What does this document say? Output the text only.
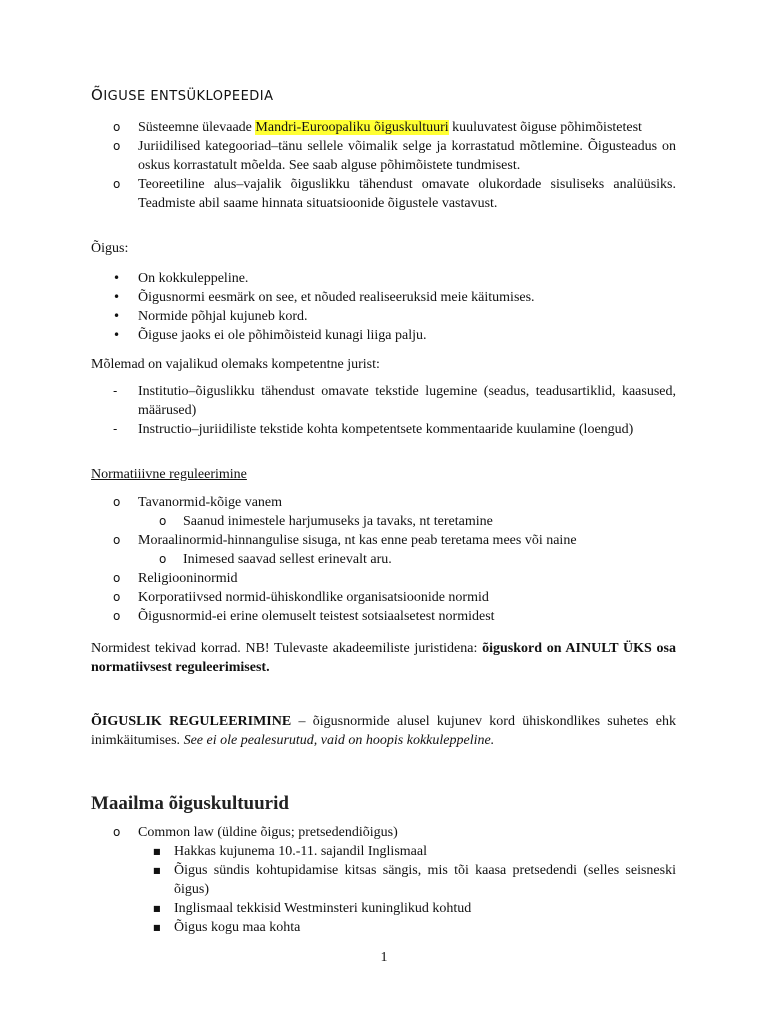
ÕIGUSE ENTSÜKLOPEEDIA
o	Süsteemne ülevaade Mandri-Euroopaliku õiguskultuuri kuuluvatest õiguse põhimõistetest
o	Juriidilised kategooriad–tänu sellele võimalik selge ja korrastatud mõtlemine. Õigusteadus on oskus korrastatult mõelda. See saab alguse põhimõistete tundmisest.
o	Teoreetiline alus–vajalik õiguslikku tähendust omavate olukordade sisuliseks analüüsiks. Teadmiste abil saame hinnata situatsioonide õigustele vastavust.

Õigus:

•	On kokkuleppeline.
•	Õigusnormi eesmärk on see, et nõuded realiseeruksid meie käitumises.
•	Normide põhjal kujuneb kord.
•	Õiguse jaoks ei ole põhimõisteid kunagi liiga palju.

Mõlemad on vajalikud olemaks kompetentne jurist:

-	Institutio–õiguslikku tähendust omavate tekstide lugemine (seadus, teadusartiklid, kaasused, määrused)
-	Instructio–juriidiliste tekstide kohta kompetentsete kommentaaride kuulamine (loengud)

Normatiiivne reguleerimine

o	Tavanormid-kõige vanem
o Saanud inimestele harjumuseks ja tavaks, nt teretamine
o	Moraalinormid-hinnangulise sisuga, nt kas enne peab teretama mees või naine
o Inimesed saavad sellest erinevalt aru.
o	Religiooninormid
o	Korporatiivsed normid-ühiskondlike organisatsioonide normid
o	Õigusnormid-ei erine olemuselt teistest sotsiaalsetest normidest

Normidest tekivad korrad. NB! Tulevaste akadeemiliste juristidena: õiguskord on AINULT ÜKS osa normatiivsest reguleerimisest.

ÕIGUSLIK REGULEERIMINE – õigusnormide alusel kujunev kord ühiskondlikes suhetes ehk inimkäitumises. See ei ole pealesurutud, vaid on hoopis kokkuleppeline.

Maailma õiguskultuurid
o	Common law (üldine õigus; pretsedendiõigus)
■ Hakkas kujunema 10.-11. sajandil Inglismaal
■ Õigus sündis kohtupidamise kitsas sängis, mis tõi kaasa pretsedendi (selles seisneski õigus)
■ Inglismaal tekkisid Westminsteri kuninglikud kohtud
■ Õigus kogu maa kohta
1
